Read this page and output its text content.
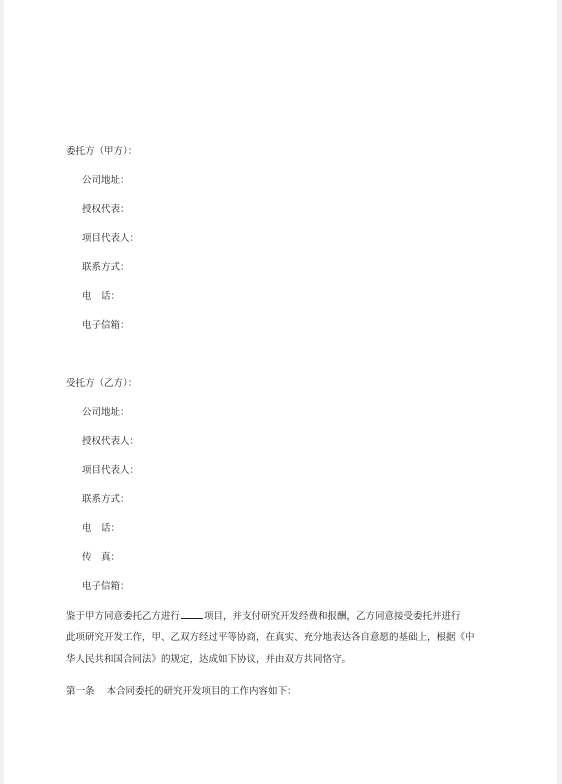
委托方（甲方）：
公司地址：
授权代表：
项目代表人：
联系方式：
电　话：
电子信箱：
受托方（乙方）：
公司地址：
授权代表人：
项目代表人：
联系方式：
电　话：
传　真：
电子信箱：
鉴于甲方同意委托乙方进行	项目，并支付研究开发经费和报酬，乙方同意接受委托并进行
此项研究开发工作，甲、乙双方经过平等协商，在真实、充分地表达各自意愿的基础上，根据《中
华人民共和国合同法》的规定，达成如下协议，并由双方共同恪守。
第一条 本合同委托的研究开发项目的工作内容如下：
